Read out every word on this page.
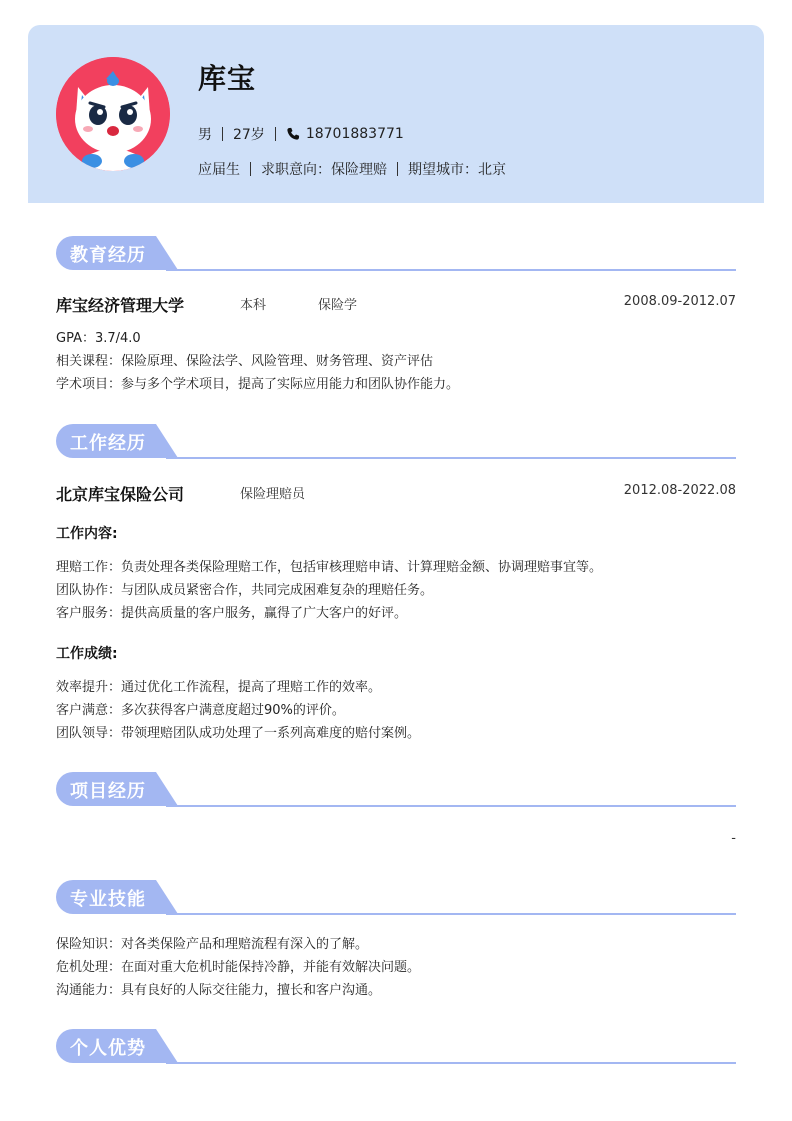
库宝
男 27岁	18701883771
应届生 求职意向：保险理赔 期望城市：北京
教育经历
库宝经济管理大学	本科	保险学	2008.09-2012.07
GPA：3.7/4.0
相关课程：保险原理、保险法学、风险管理、财务管理、资产评估
学术项目：参与多个学术项目，提高了实际应用能力和团队协作能力。
工作经历
北京库宝保险公司	保险理赔员	2012.08-2022.08
工作内容:
理赔工作：负责处理各类保险理赔工作，包括审核理赔申请、计算理赔金额、协调理赔事宜等。
团队协作：与团队成员紧密合作，共同完成困难复杂的理赔任务。
客户服务：提供高质量的客户服务，赢得了广大客户的好评。
工作成绩:
效率提升：通过优化工作流程，提高了理赔工作的效率。
客户满意：多次获得客户满意度超过90%的评价。
团队领导：带领理赔团队成功处理了一系列高难度的赔付案例。
项目经历
-
专业技能
保险知识：对各类保险产品和理赔流程有深入的了解。
危机处理：在面对重大危机时能保持冷静，并能有效解决问题。
沟通能力：具有良好的人际交往能力，擅长和客户沟通。
个人优势
